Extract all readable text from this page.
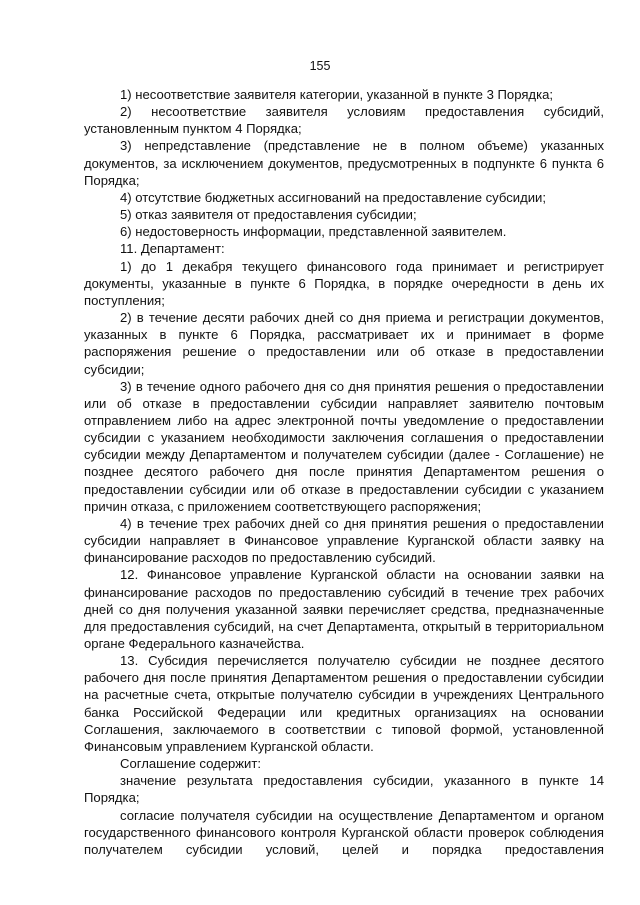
155

1) несоответствие заявителя категории, указанной в пункте 3 Порядка;

2) несоответствие заявителя условиям предоставления субсидий, установленным пунктом 4 Порядка;

3) непредставление (представление не в полном объеме) указанных документов, за исключением документов, предусмотренных в подпункте 6 пункта 6 Порядка;

4) отсутствие бюджетных ассигнований на предоставление субсидии;

5) отказ заявителя от предоставления субсидии;

6) недостоверность информации, представленной заявителем.

11. Департамент:

1) до 1 декабря текущего финансового года принимает и регистрирует документы, указанные в пункте 6 Порядка, в порядке очередности в день их поступления;

2) в течение десяти рабочих дней со дня приема и регистрации документов, указанных в пункте 6 Порядка, рассматривает их и принимает в форме распоряжения решение о предоставлении или об отказе в предоставлении субсидии;

3) в течение одного рабочего дня со дня принятия решения о предоставлении или об отказе в предоставлении субсидии направляет заявителю почтовым отправлением либо на адрес электронной почты уведомление о предоставлении субсидии с указанием необходимости заключения соглашения о предоставлении субсидии между Департаментом и получателем субсидии (далее - Соглашение) не позднее десятого рабочего дня после принятия Департаментом решения о предоставлении субсидии или об отказе в предоставлении субсидии с указанием причин отказа, с приложением соответствующего распоряжения;

4) в течение трех рабочих дней со дня принятия решения о предоставлении субсидии направляет в Финансовое управление Курганской области заявку на финансирование расходов по предоставлению субсидий.

12. Финансовое управление Курганской области на основании заявки на финансирование расходов по предоставлению субсидий в течение трех рабочих дней со дня получения указанной заявки перечисляет средства, предназначенные для предоставления субсидий, на счет Департамента, открытый в территориальном органе Федерального казначейства.

13. Субсидия перечисляется получателю субсидии не позднее десятого рабочего дня после принятия Департаментом решения о предоставлении субсидии на расчетные счета, открытые получателю субсидии в учреждениях Центрального банка Российской Федерации или кредитных организациях на основании Соглашения, заключаемого в соответствии с типовой формой, установленной Финансовым управлением Курганской области.

Соглашение содержит:

значение результата предоставления субсидии, указанного в пункте 14 Порядка;

согласие получателя субсидии на осуществление Департаментом и органом государственного финансового контроля Курганской области проверок соблюдения получателем субсидии условий, целей и порядка предоставления
